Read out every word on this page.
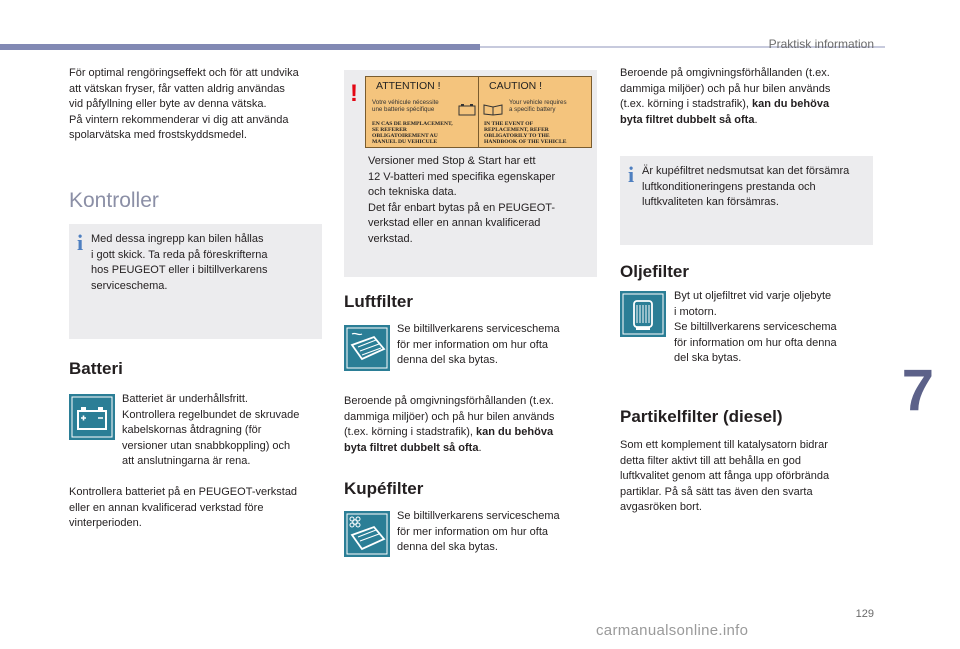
Praktisk information
7
129
För optimal rengöringseffekt och för att undvika
att vätskan fryser, får vatten aldrig användas
vid påfyllning eller byte av denna vätska.
På vintern rekommenderar vi dig att använda
spolarvätska med frostskyddsmedel.
Kontroller
i Med dessa ingrepp kan bilen hållas
i gott skick. Ta reda på föreskrifterna
hos PEUGEOT eller i biltillverkarens
serviceschema.
Batteri
Batteriet är underhållsfritt.
Kontrollera regelbundet de skruvade
kabelskornas åtdragning (för
versioner utan snabbkoppling) och
att anslutningarna är rena.
Kontrollera batteriet på en PEUGEOT-verkstad
eller en annan kvalificerad verkstad före
vinterperioden.
! ATTENTION !	CAUTION !
Votre véhicule nécessite
une batterie spécifique
Your vehicle requires
a specific battery
EN CAS DE REMPLACEMENT,
SE REFERER
OBLIGATOIREMENT AU
MANUEL DU VEHICULE
IN THE EVENT OF
REPLACEMENT, REFER
OBLIGATORILY TO THE
HANDBOOK OF THE VEHICLE
Versioner med Stop & Start har ett
12 V-batteri med specifika egenskaper
och tekniska data.
Det får enbart bytas på en PEUGEOT-
verkstad eller en annan kvalificerad
verkstad.
Luftfilter
Se biltillverkarens serviceschema
för mer information om hur ofta
denna del ska bytas.
Beroende på omgivningsförhållanden (t.ex.
dammiga miljöer) och på hur bilen används
(t.ex. körning i stadstrafik), kan du behöva
byta filtret dubbelt så ofta.
Kupéfilter
Se biltillverkarens serviceschema
för mer information om hur ofta
denna del ska bytas.
Beroende på omgivningsförhållanden (t.ex.
dammiga miljöer) och på hur bilen används
(t.ex. körning i stadstrafik), kan du behöva
byta filtret dubbelt så ofta.
i Är kupéfiltret nedsmutsat kan det försämra
luftkonditioneringens prestanda och
luftkvaliteten kan försämras.
Oljefilter
Byt ut oljefiltret vid varje oljebyte
i motorn.
Se biltillverkarens serviceschema
för information om hur ofta denna
del ska bytas.
Partikelfilter (diesel)
Som ett komplement till katalysatorn bidrar
detta filter aktivt till att behålla en god
luftkvalitet genom att fånga upp oförbrända
partiklar. På så sätt tas även den svarta
avgasröken bort.
carmanualsonline.info
